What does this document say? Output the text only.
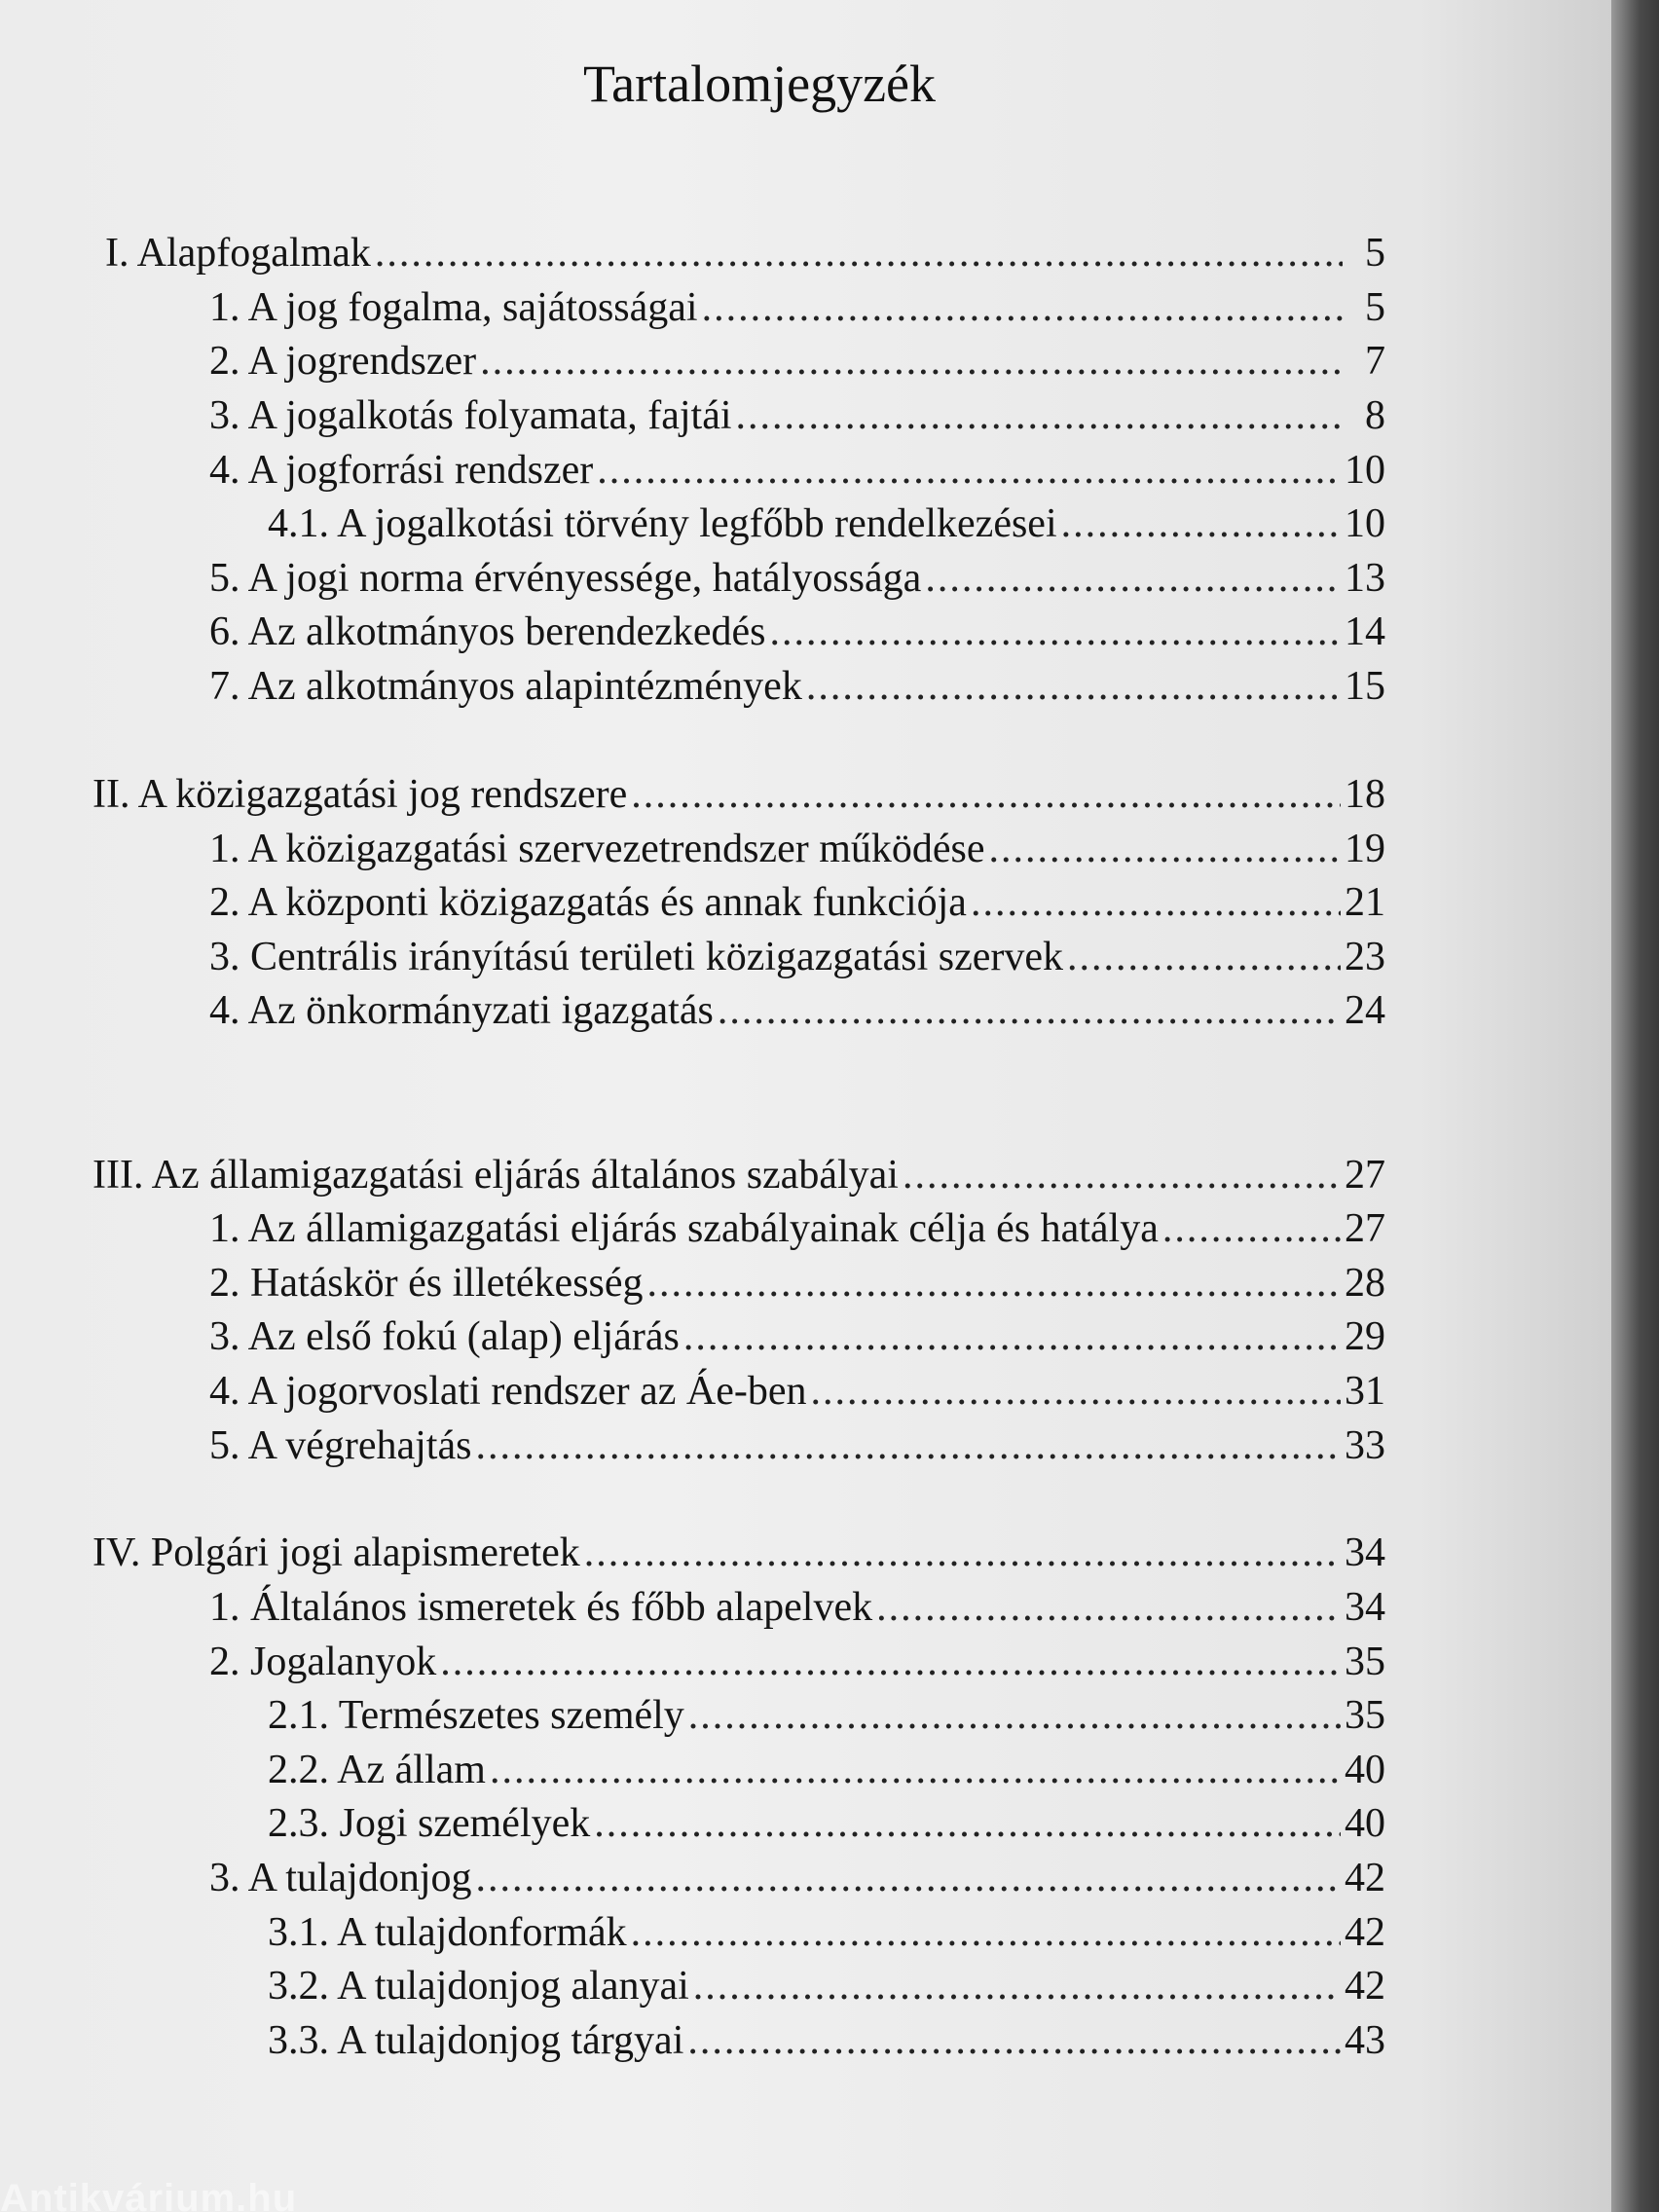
Tartalomjegyzék
I. Alapfogalmak .....	5
1. A jog fogalma, sajátosságai .....	5
2. A jogrendszer .....	7
3. A jogalkotás folyamata, fajtái .....	8
4. A jogforrási rendszer .....	10
4.1. A jogalkotási törvény legfőbb rendelkezései .....	10
5. A jogi norma érvényessége, hatályossága .....	13
6. Az alkotmányos berendezkedés .....	14
7. Az alkotmányos alapintézmények .....	15
II. A közigazgatási jog rendszere .....	18
1. A közigazgatási szervezetrendszer működése .....	19
2. A központi közigazgatás és annak funkciója .....	21
3. Centrális irányítású területi közigazgatási szervek .....	23
4. Az önkormányzati igazgatás .....	24
III. Az államigazgatási eljárás általános szabályai .....	27
1. Az államigazgatási eljárás szabályainak célja és hatálya .....	27
2. Hatáskör és illetékesség .....	28
3. Az első fokú (alap) eljárás .....	29
4. A jogorvoslati rendszer az Áe-ben .....	31
5. A végrehajtás .....	33
IV. Polgári jogi alapismeretek .....	34
1. Általános ismeretek és főbb alapelvek .....	34
2. Jogalanyok .....	35
2.1. Természetes személy .....	35
2.2. Az állam .....	40
2.3. Jogi személyek .....	40
3. A tulajdonjog .....	42
3.1. A tulajdonformák .....	42
3.2. A tulajdonjog alanyai .....	42
3.3. A tulajdonjog tárgyai .....	43
Antikvárium.hu
